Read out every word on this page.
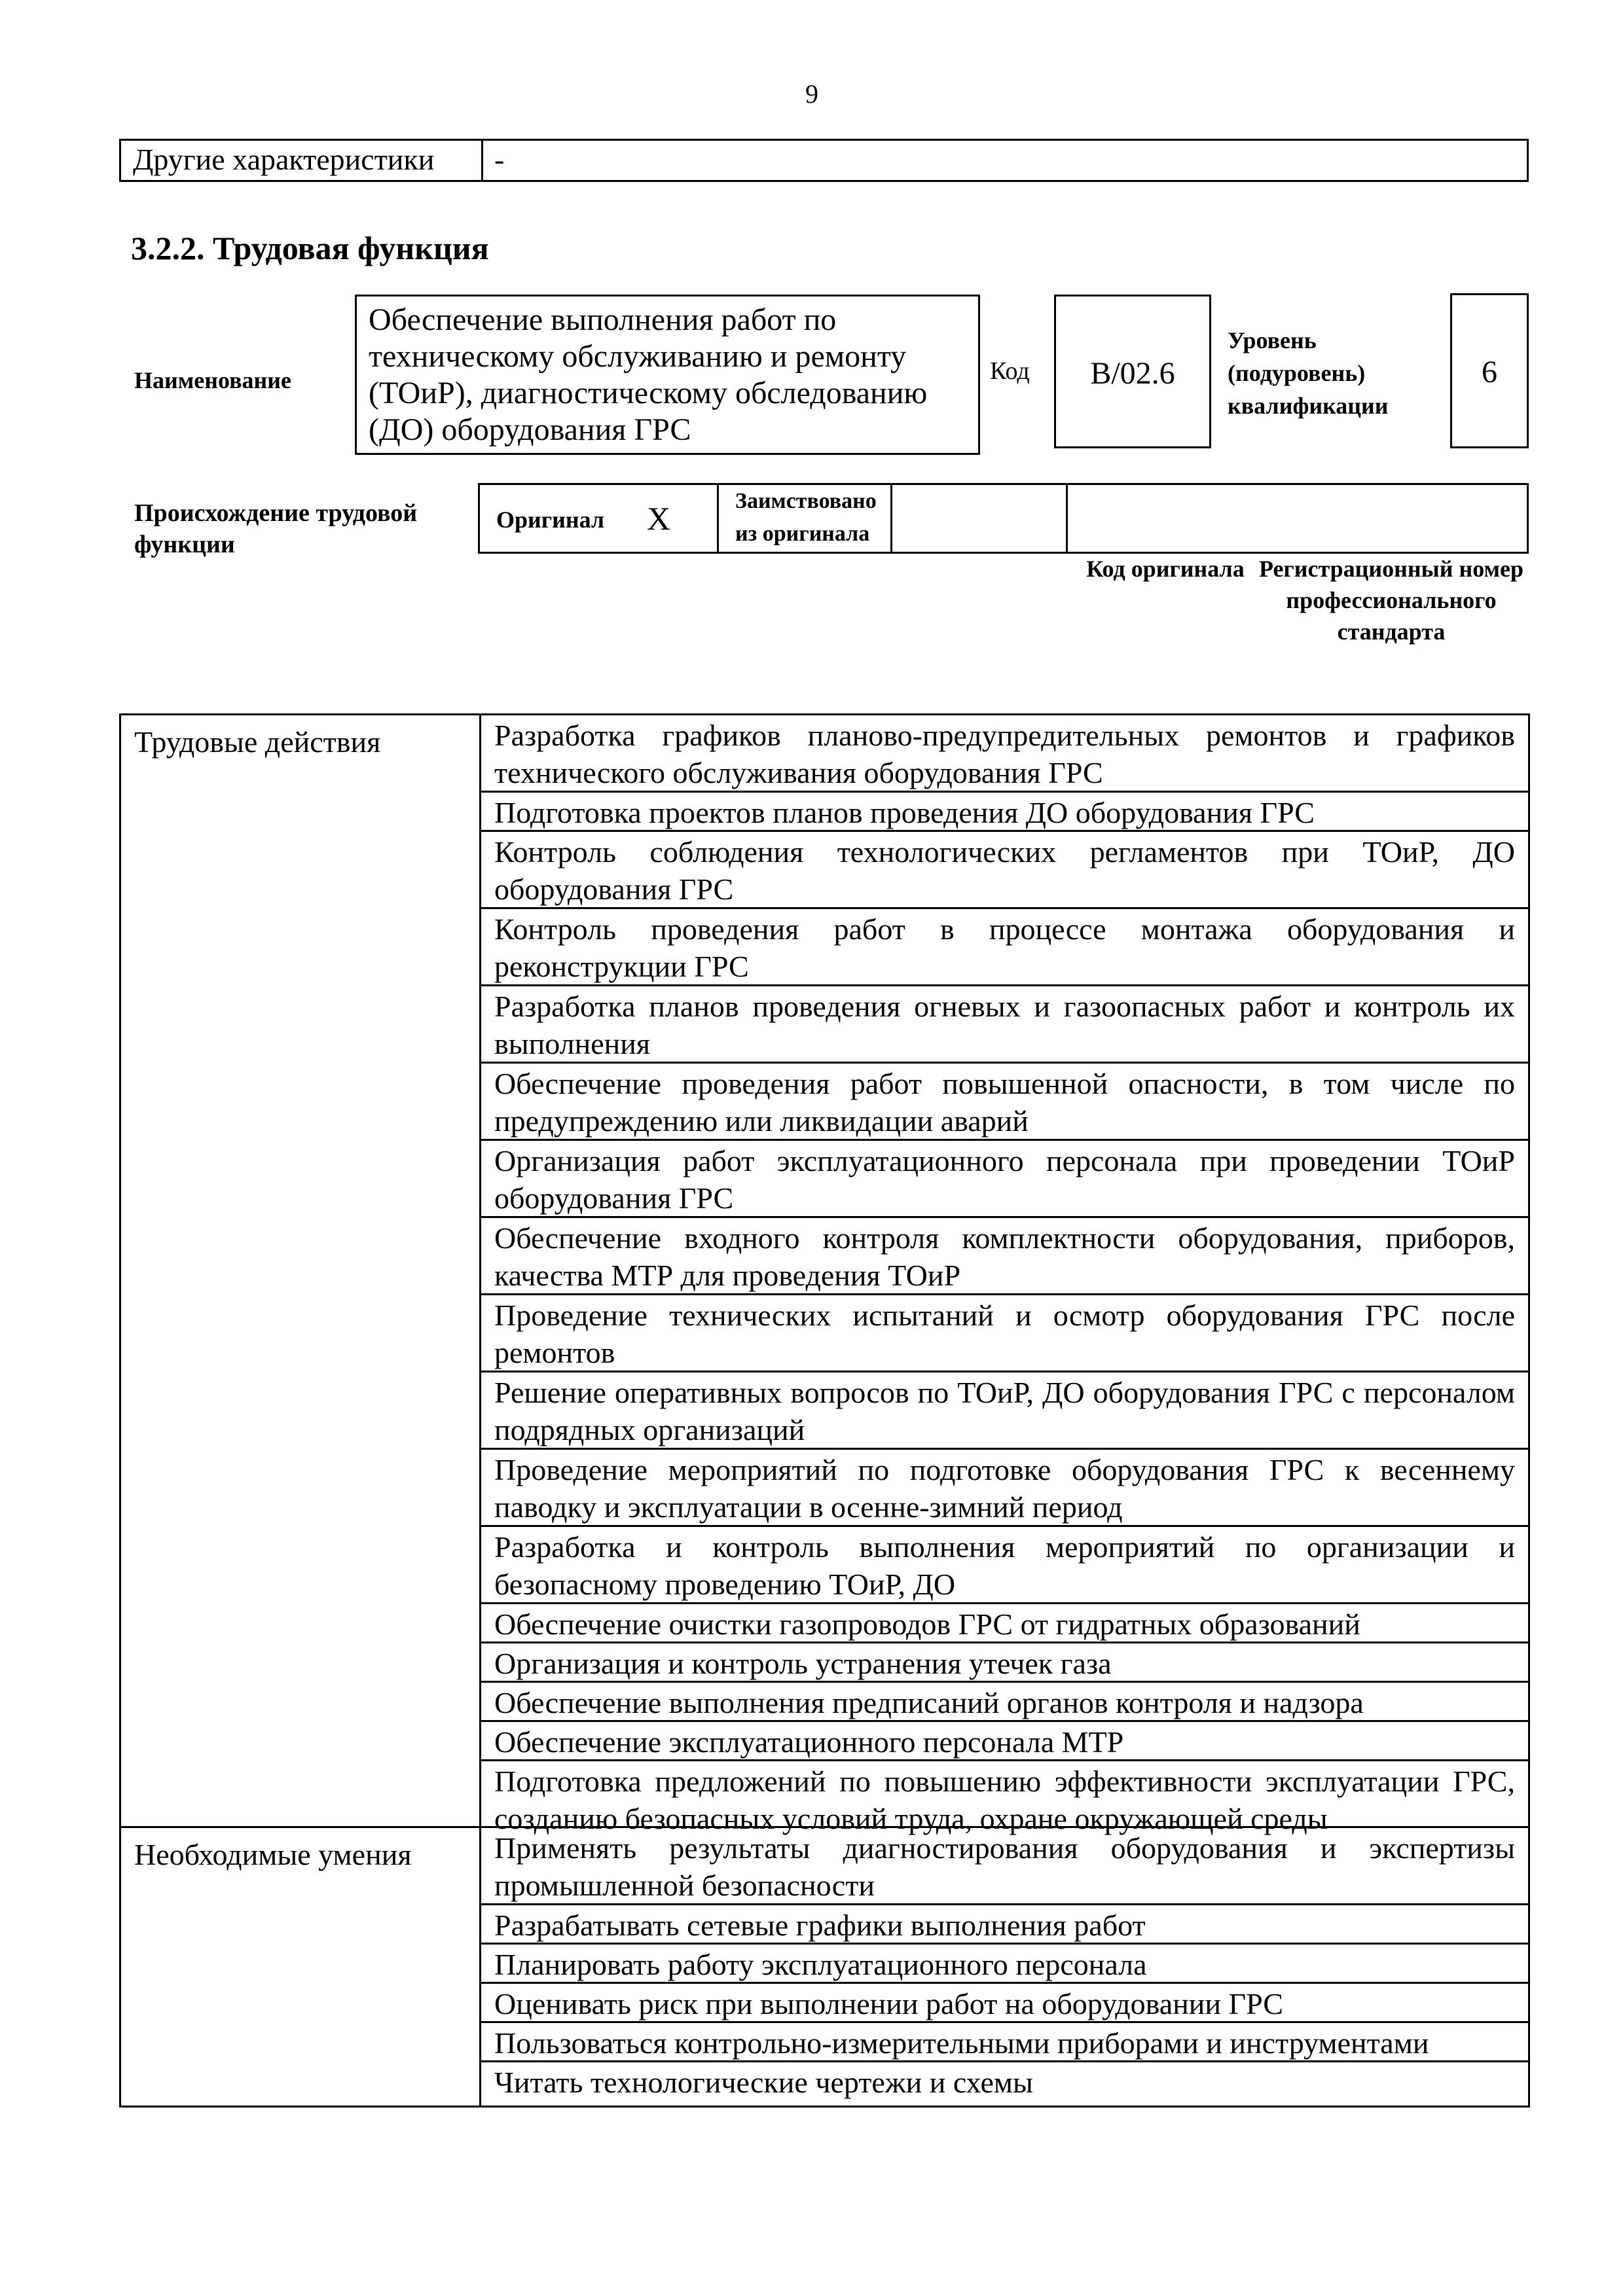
9
Другие характеристики	-
3.2.2. Трудовая функция
Наименование
Обеспечение выполнения работ по техническому обслуживанию и ремонту (ТОиР), диагностическому обследованию (ДО) оборудования ГРС
Код	B/02.6
Уровень (подуровень) квалификации
6
Происхождение трудовой функции
Оригинал X	Заимствовано из оригинала
Код оригинала Регистрационный номер профессионального стандарта
Трудовые действия	Разработка графиков планово-предупредительных ремонтов и графиков технического обслуживания оборудования ГРС
Подготовка проектов планов проведения ДО оборудования ГРС
Контроль соблюдения технологических регламентов при ТОиР, ДО оборудования ГРС
Контроль проведения работ в процессе монтажа оборудования и реконструкции ГРС
Разработка планов проведения огневых и газоопасных работ и контроль их выполнения
Обеспечение проведения работ повышенной опасности, в том числе по предупреждению или ликвидации аварий
Организация работ эксплуатационного персонала при проведении ТОиР оборудования ГРС
Обеспечение входного контроля комплектности оборудования, приборов, качества МТР для проведения ТОиР
Проведение технических испытаний и осмотр оборудования ГРС после ремонтов
Решение оперативных вопросов по ТОиР, ДО оборудования ГРС с персоналом подрядных организаций
Проведение мероприятий по подготовке оборудования ГРС к весеннему паводку и эксплуатации в осенне-зимний период
Разработка и контроль выполнения мероприятий по организации и безопасному проведению ТОиР, ДО
Обеспечение очистки газопроводов ГРС от гидратных образований
Организация и контроль устранения утечек газа
Обеспечение выполнения предписаний органов контроля и надзора
Обеспечение эксплуатационного персонала МТР
Подготовка предложений по повышению эффективности эксплуатации ГРС, созданию безопасных условий труда, охране окружающей среды
Необходимые умения	Применять результаты диагностирования оборудования и экспертизы промышленной безопасности
Разрабатывать сетевые графики выполнения работ
Планировать работу эксплуатационного персонала
Оценивать риск при выполнении работ на оборудовании ГРС
Пользоваться контрольно-измерительными приборами и инструментами
Читать технологические чертежи и схемы
